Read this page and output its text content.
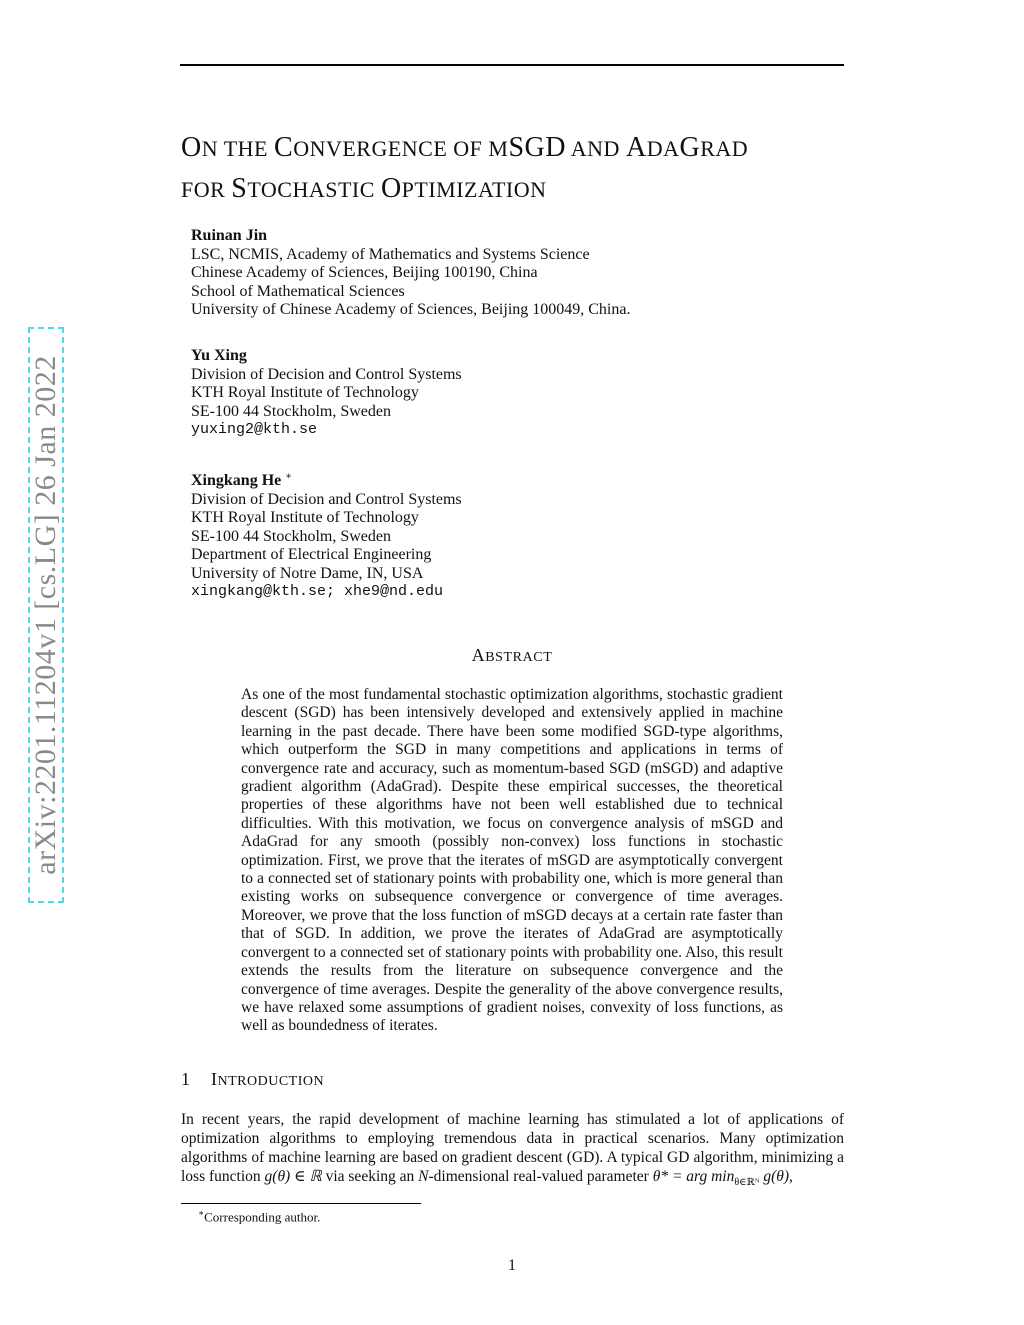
ON THE CONVERGENCE OF MSGD AND ADAGRAD
FOR STOCHASTIC OPTIMIZATION
Ruinan Jin
LSC, NCMIS, Academy of Mathematics and Systems Science
Chinese Academy of Sciences, Beijing 100190, China
School of Mathematical Sciences
University of Chinese Academy of Sciences, Beijing 100049, China.
Yu Xing
Division of Decision and Control Systems
KTH Royal Institute of Technology
SE-100 44 Stockholm, Sweden
yuxing2@kth.se
Xingkang He ∗
Division of Decision and Control Systems
KTH Royal Institute of Technology
SE-100 44 Stockholm, Sweden
Department of Electrical Engineering
University of Notre Dame, IN, USA
xingkang@kth.se; xhe9@nd.edu
arXiv:2201.11204v1 [cs.LG] 26 Jan 2022	ABSTRACT

As one of the most fundamental stochastic optimization algorithms, stochastic gradient descent (SGD) has been intensively developed and extensively applied in machine learning in the past decade. There have been some modified SGD-type algorithms, which outperform the SGD in many competitions and applications in terms of convergence rate and accuracy, such as momentum-based SGD (mSGD) and adaptive gradient algorithm (AdaGrad). Despite these empirical successes, the theoretical properties of these algorithms have not been well established due to technical difficulties. With this motivation, we focus on convergence analysis of mSGD and AdaGrad for any smooth (possibly non-convex) loss functions in stochastic optimization. First, we prove that the iterates of mSGD are asymptotically convergent to a connected set of stationary points with probability one, which is more general than existing works on subsequence convergence or convergence of time averages. Moreover, we prove that the loss function of mSGD decays at a certain rate faster than that of SGD. In addition, we prove the iterates of AdaGrad are asymptotically convergent to a connected set of stationary points with probability one. Also, this result extends the results from the literature on subsequence convergence and the convergence of time averages. Despite the generality of the above convergence results, we have relaxed some assumptions of gradient noises, convexity of loss functions, as well as boundedness of iterates.

1 INTRODUCTION

In recent years, the rapid development of machine learning has stimulated a lot of applications of optimization algorithms to employing tremendous data in practical scenarios. Many optimization algorithms of machine learning are based on gradient descent (GD). A typical GD algorithm, minimizing a loss function g(θ) ∈ ℝ via seeking an N-dimensional real-valued parameter θ* = arg $\min_{\theta\in ℝᴺ} g(\theta)$,

∗Corresponding author.
1
